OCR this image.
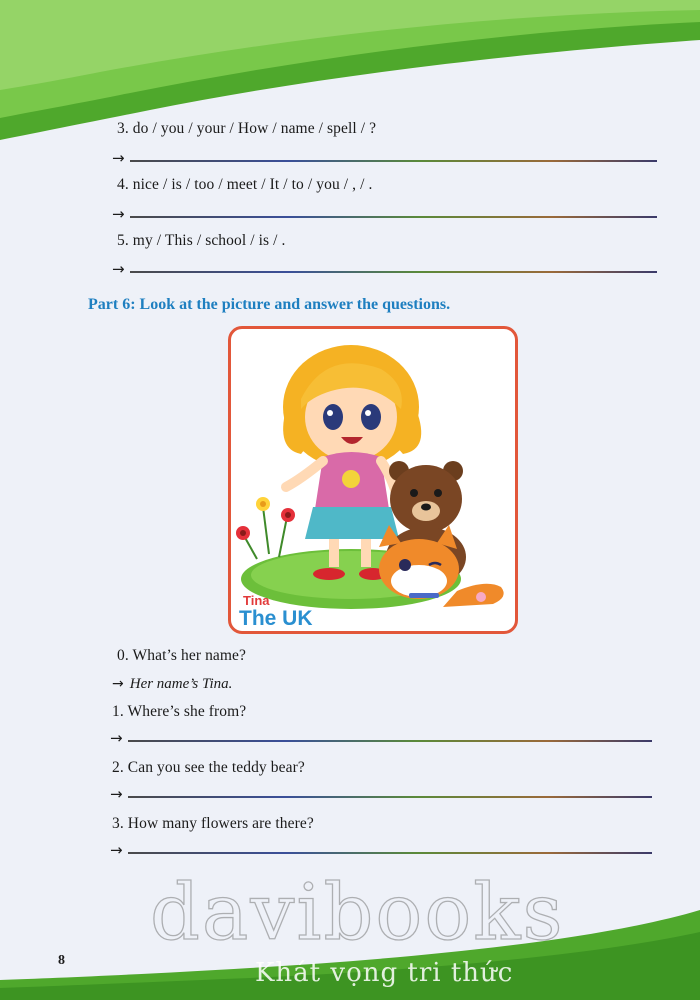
3. do / you / your / How / name / spell / ?
→
4. nice / is / too / meet / It / to / you / , / .
→
5. my / This / school / is / .
→
Part 6: Look at the picture and answer the questions.
Tina
The UK
0. What’s her name?
→ Her name’s Tina.
1. Where’s she from?
→
2. Can you see the teddy bear?
→
3. How many flowers are there?
→
davibooks
8	Khát vọng tri thức
